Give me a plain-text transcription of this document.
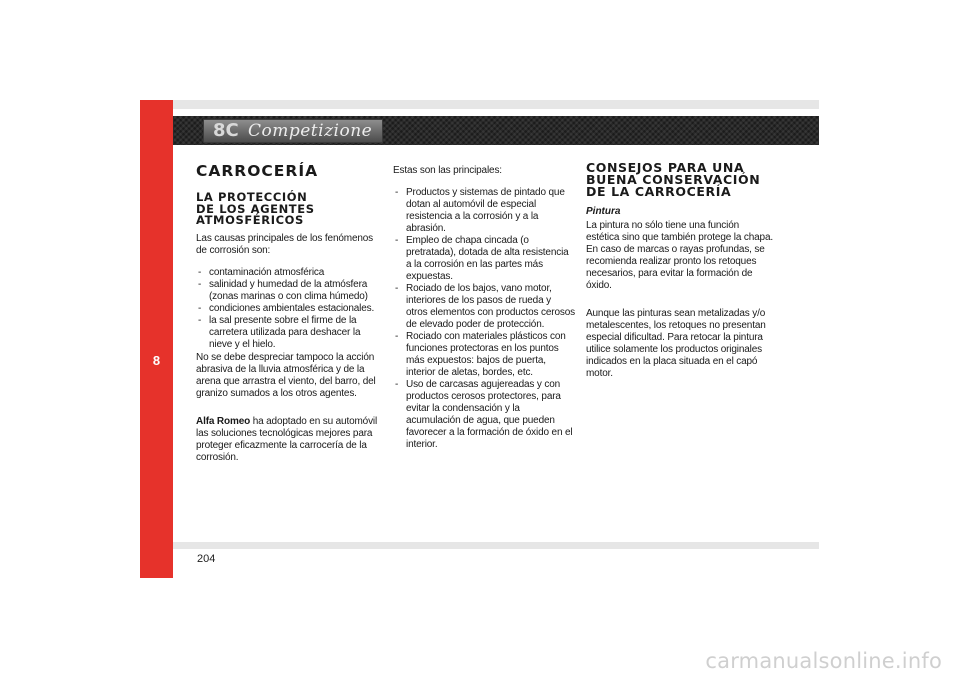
8
8C Competizione
CARROCERÍA
LA PROTECCIÓN
DE LOS AGENTES
ATMOSFÉRICOS

Las causas principales de los fenómenos de corrosión son:

- contaminación atmosférica
- salinidad y humedad de la atmósfera (zonas marinas o con clima húmedo)
- condiciones ambientales estacionales.
- la sal presente sobre el firme de la carretera utilizada para deshacer la nieve y el hielo.

No se debe despreciar tampoco la acción abrasiva de la lluvia atmosférica y de la arena que arrastra el viento, del barro, del granizo sumados a los otros agentes.

Alfa Romeo ha adoptado en su automóvil las soluciones tecnológicas mejores para proteger eficazmente la carrocería de la corrosión.

Estas son las principales:

- Productos y sistemas de pintado que dotan al automóvil de especial resistencia a la corrosión y a la abrasión.
- Empleo de chapa cincada (o pretratada), dotada de alta resistencia a la corrosión en las partes más expuestas.
- Rociado de los bajos, vano motor, interiores de los pasos de rueda y otros elementos con productos cerosos de elevado poder de protección.
- Rociado con materiales plásticos con funciones protectoras en los puntos más expuestos: bajos de puerta, interior de aletas, bordes, etc.
- Uso de carcasas agujereadas y con productos cerosos protectores, para evitar la condensación y la acumulación de agua, que pueden favorecer a la formación de óxido en el interior.
CONSEJOS PARA UNA
BUENA CONSERVACIÓN
DE LA CARROCERÍA
Pintura

La pintura no sólo tiene una función estética sino que también protege la chapa. En caso de marcas o rayas profundas, se recomienda realizar pronto los retoques necesarios, para evitar la formación de óxido.

Aunque las pinturas sean metalizadas y/o metalescentes, los retoques no presentan especial dificultad. Para retocar la pintura utilice solamente los productos originales indicados en la placa situada en el capó motor.

204
carmanualsonline.info
